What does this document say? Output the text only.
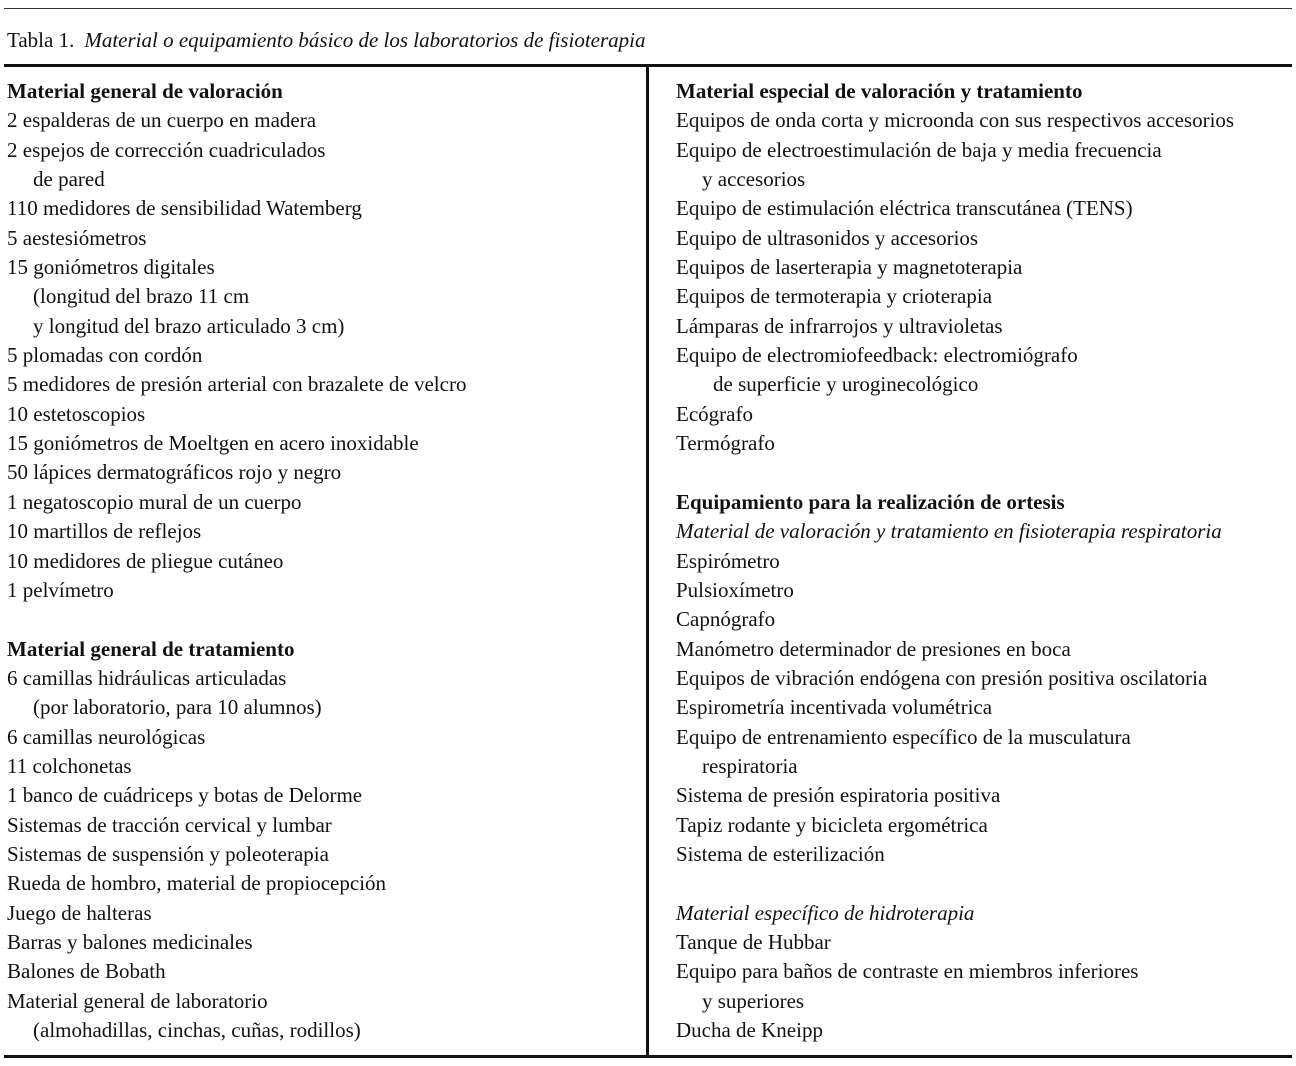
Tabla 1. Material o equipamiento básico de los laboratorios de fisioterapia
Material general de valoración
2 espalderas de un cuerpo en madera
2 espejos de corrección cuadriculados
de pared
110 medidores de sensibilidad Watemberg
5 aestesiómetros
15 goniómetros digitales
(longitud del brazo 11 cm
y longitud del brazo articulado 3 cm)
5 plomadas con cordón
5 medidores de presión arterial con brazalete de velcro
10 estetoscopios
15 goniómetros de Moeltgen en acero inoxidable
50 lápices dermatográficos rojo y negro
1 negatoscopio mural de un cuerpo
10 martillos de reflejos
10 medidores de pliegue cutáneo
1 pelvímetro
Material general de tratamiento
6 camillas hidráulicas articuladas
(por laboratorio, para 10 alumnos)
6 camillas neurológicas
11 colchonetas
1 banco de cuádriceps y botas de Delorme
Sistemas de tracción cervical y lumbar
Sistemas de suspensión y poleoterapia
Rueda de hombro, material de propiocepción
Juego de halteras
Barras y balones medicinales
Balones de Bobath
Material general de laboratorio
(almohadillas, cinchas, cuñas, rodillos)
Material especial de valoración y tratamiento
Equipos de onda corta y microonda con sus respectivos accesorios
Equipo de electroestimulación de baja y media frecuencia
y accesorios
Equipo de estimulación eléctrica transcutánea (TENS)
Equipo de ultrasonidos y accesorios
Equipos de laserterapia y magnetoterapia
Equipos de termoterapia y crioterapia
Lámparas de infrarrojos y ultravioletas
Equipo de electromiofeedback: electromiógrafo
de superficie y uroginecológico
Ecógrafo
Termógrafo
Equipamiento para la realización de ortesis
Material de valoración y tratamiento en fisioterapia respiratoria
Espirómetro
Pulsioxímetro
Capnógrafo
Manómetro determinador de presiones en boca
Equipos de vibración endógena con presión positiva oscilatoria
Espirometría incentivada volumétrica
Equipo de entrenamiento específico de la musculatura
respiratoria
Sistema de presión espiratoria positiva
Tapiz rodante y bicicleta ergométrica
Sistema de esterilización
Material específico de hidroterapia
Tanque de Hubbar
Equipo para baños de contraste en miembros inferiores
y superiores
Ducha de Kneipp
